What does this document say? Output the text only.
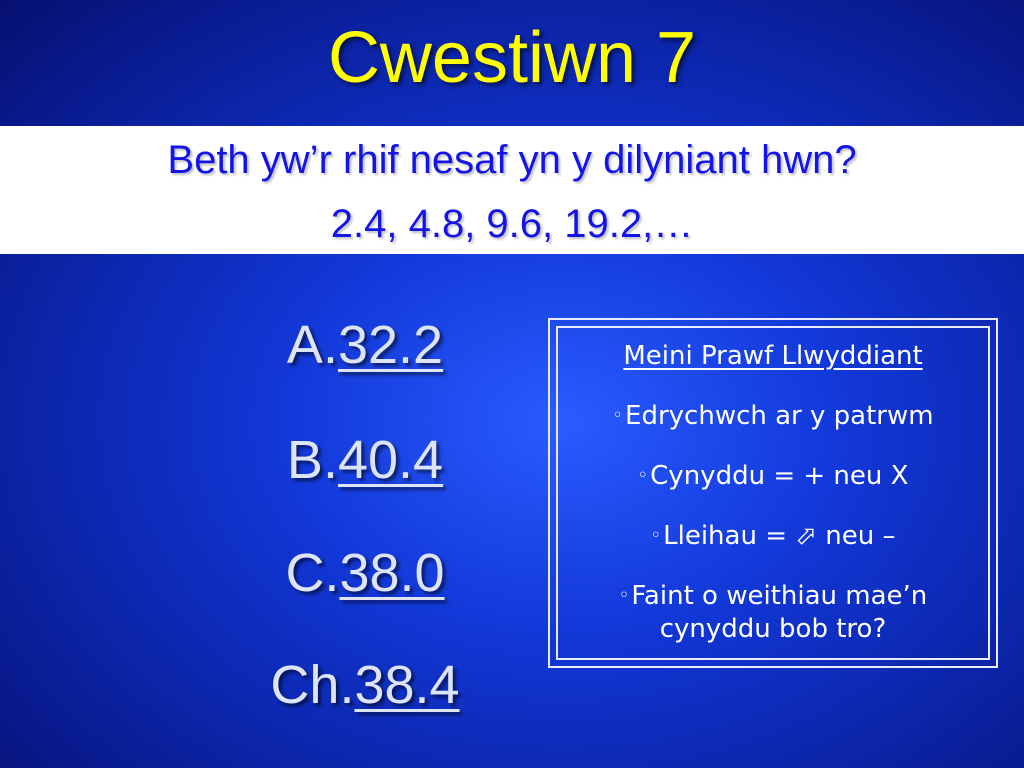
Cwestiwn 7
Beth yw’r rhif nesaf yn y dilyniant hwn?
2.4, 4.8, 9.6, 19.2,…
A.32.2
B.40.4
C.38.0
Ch.38.4
Meini Prawf Llwyddiant
◦Edrychwch ar y patrwm
◦Cynyddu = + neu X
◦Lleihau = ⬀ neu –
◦Faint o weithiau mae’n cynyddu bob tro?
